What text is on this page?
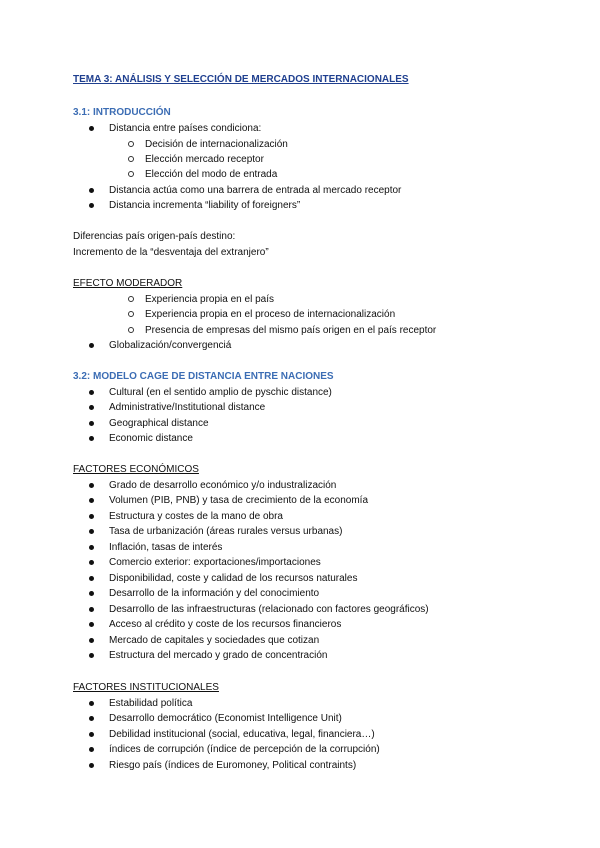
TEMA 3: ANÁLISIS Y SELECCIÓN DE MERCADOS INTERNACIONALES
3.1: INTRODUCCIÓN
Distancia entre países condiciona:
Decisión de internacionalización
Elección mercado receptor
Elección del modo de entrada
Distancia actúa como una barrera de entrada al mercado receptor
Distancia incrementa “liability of foreigners”
Diferencias país origen-país destino:
Incremento de la “desventaja del extranjero”
EFECTO MODERADOR
Experiencia propia en el país
Experiencia propia en el proceso de internacionalización
Presencia de empresas del mismo país origen en el país receptor
Globalización/convergenciá
3.2: MODELO CAGE DE DISTANCIA ENTRE NACIONES
Cultural (en el sentido amplio de pyschic distance)
Administrative/Institutional distance
Geographical distance
Economic distance
FACTORES ECONÓMICOS
Grado de desarrollo económico y/o industralización
Volumen (PIB, PNB) y tasa de crecimiento de la economía
Estructura y costes de la mano de obra
Tasa de urbanización (áreas rurales versus urbanas)
Inflación, tasas de interés
Comercio exterior: exportaciones/importaciones
Disponibilidad, coste y calidad de los recursos naturales
Desarrollo de la información y del conocimiento
Desarrollo de las infraestructuras (relacionado con factores geográficos)
Acceso al crédito y coste de los recursos financieros
Mercado de capitales y sociedades que cotizan
Estructura del mercado y grado de concentración
FACTORES INSTITUCIONALES
Estabilidad política
Desarrollo democrático (Economist Intelligence Unit)
Debilidad institucional (social, educativa, legal, financiera…)
índices de corrupción (índice de percepción de la corrupción)
Riesgo país (índices de Euromoney, Political contraints)
